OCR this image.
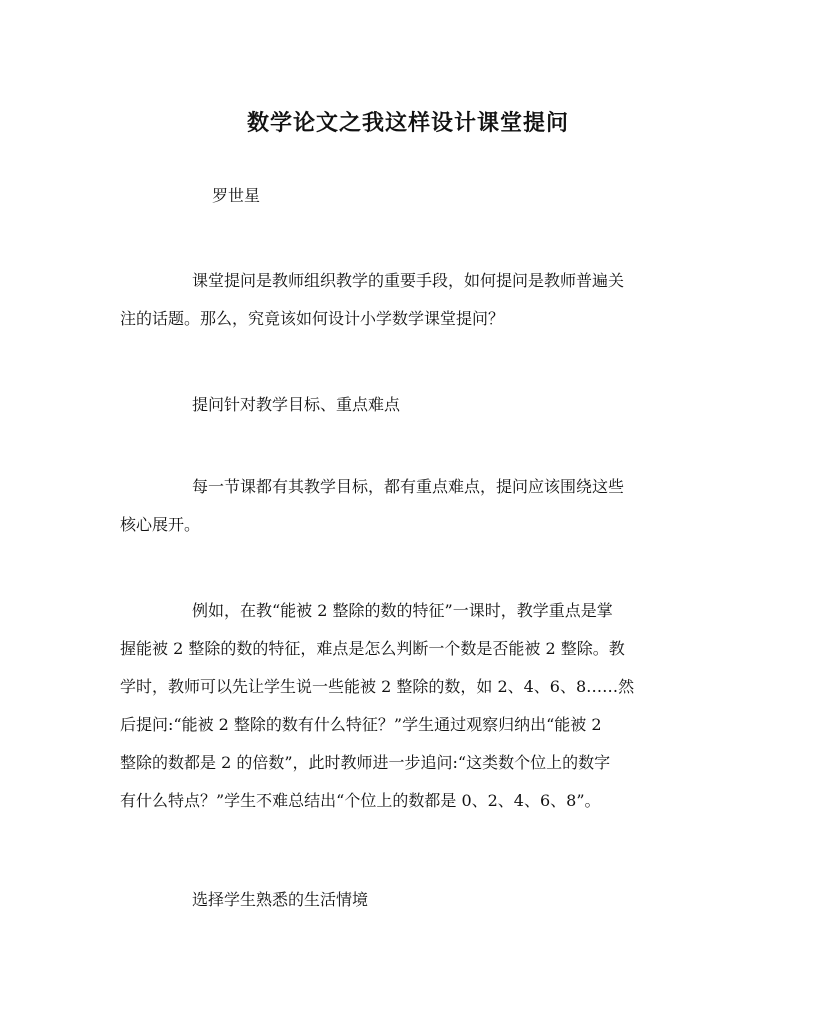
数学论文之我这样设计课堂提问
罗世星

课堂提问是教师组织教学的重要手段，如何提问是教师普遍关
注的话题。那么，究竟该如何设计小学数学课堂提问？

提问针对教学目标、重点难点

每一节课都有其教学目标，都有重点难点，提问应该围绕这些
核心展开。

例如，在教“能被 2 整除的数的特征”一课时，教学重点是掌
握能被 2 整除的数的特征，难点是怎么判断一个数是否能被 2 整除。教
学时，教师可以先让学生说一些能被 2 整除的数，如 2、4、6、8……然
后提问:“能被 2 整除的数有什么特征？”学生通过观察归纳出“能被 2
整除的数都是 2 的倍数”，此时教师进一步追问:“这类数个位上的数字
有什么特点？”学生不难总结出“个位上的数都是 0、2、4、6、8”。

选择学生熟悉的生活情境
